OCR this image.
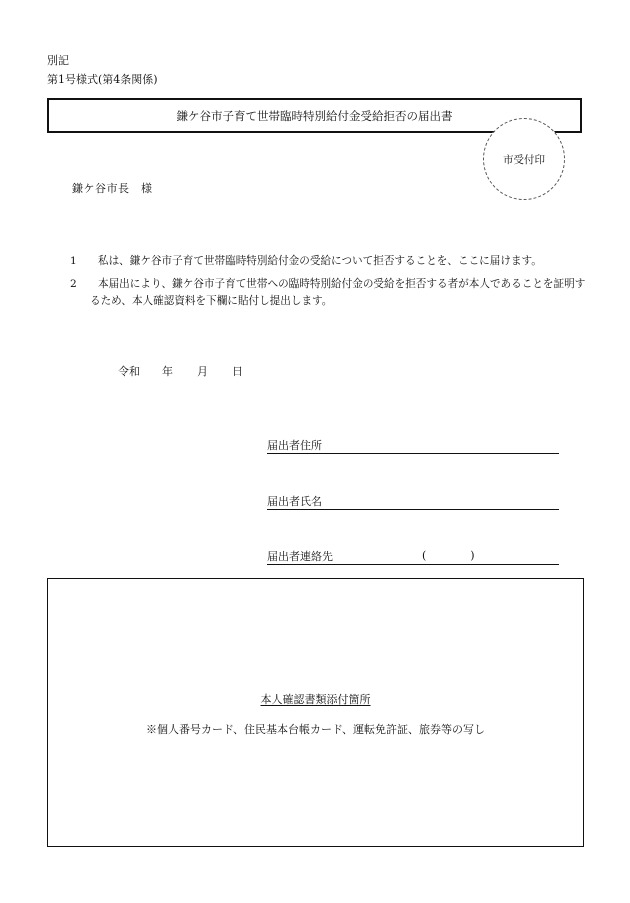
別記
第1号様式(第4条関係)
鎌ケ谷市子育て世帯臨時特別給付金受給拒否の届出書
市受付印
鎌ケ谷市長　様
1	私は、鎌ケ谷市子育て世帯臨時特別給付金の受給について拒否することを、ここに届けます。
2	本届出により、鎌ケ谷市子育て世帯への臨時特別給付金の受給を拒否する者が本人であることを証明するため、本人確認資料を下欄に貼付し提出します。
令和 年 月 日
届出者住所
届出者氏名
届出者連絡先	(　　　　)
本人確認書類添付箇所
※個人番号カード、住民基本台帳カード、運転免許証、旅券等の写し
